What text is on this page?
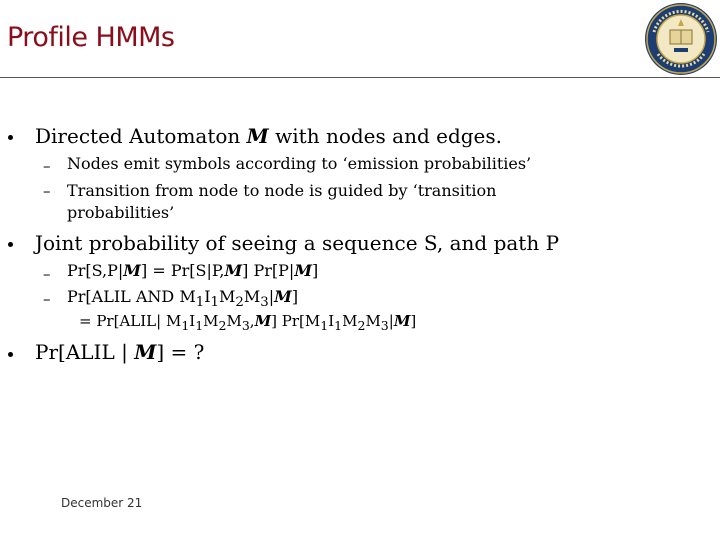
Profile HMMs
Directed Automaton M with nodes and edges.
– Nodes emit symbols according to ‘emission probabilities’
– Transition from node to node is guided by ‘transition
probabilities’
Joint probability of seeing a sequence S, and path P
– Pr[S,P|M] = Pr[S|P,M] Pr[P|M]
– Pr[ALIL AND $M_1I_1M_2M_3|M$]
= Pr[ALIL| $M_1I_1M_2M_3,M$] $Pr[M_1I_1M_2M_3|M]$
Pr[ALIL | M] = ?
December 21
